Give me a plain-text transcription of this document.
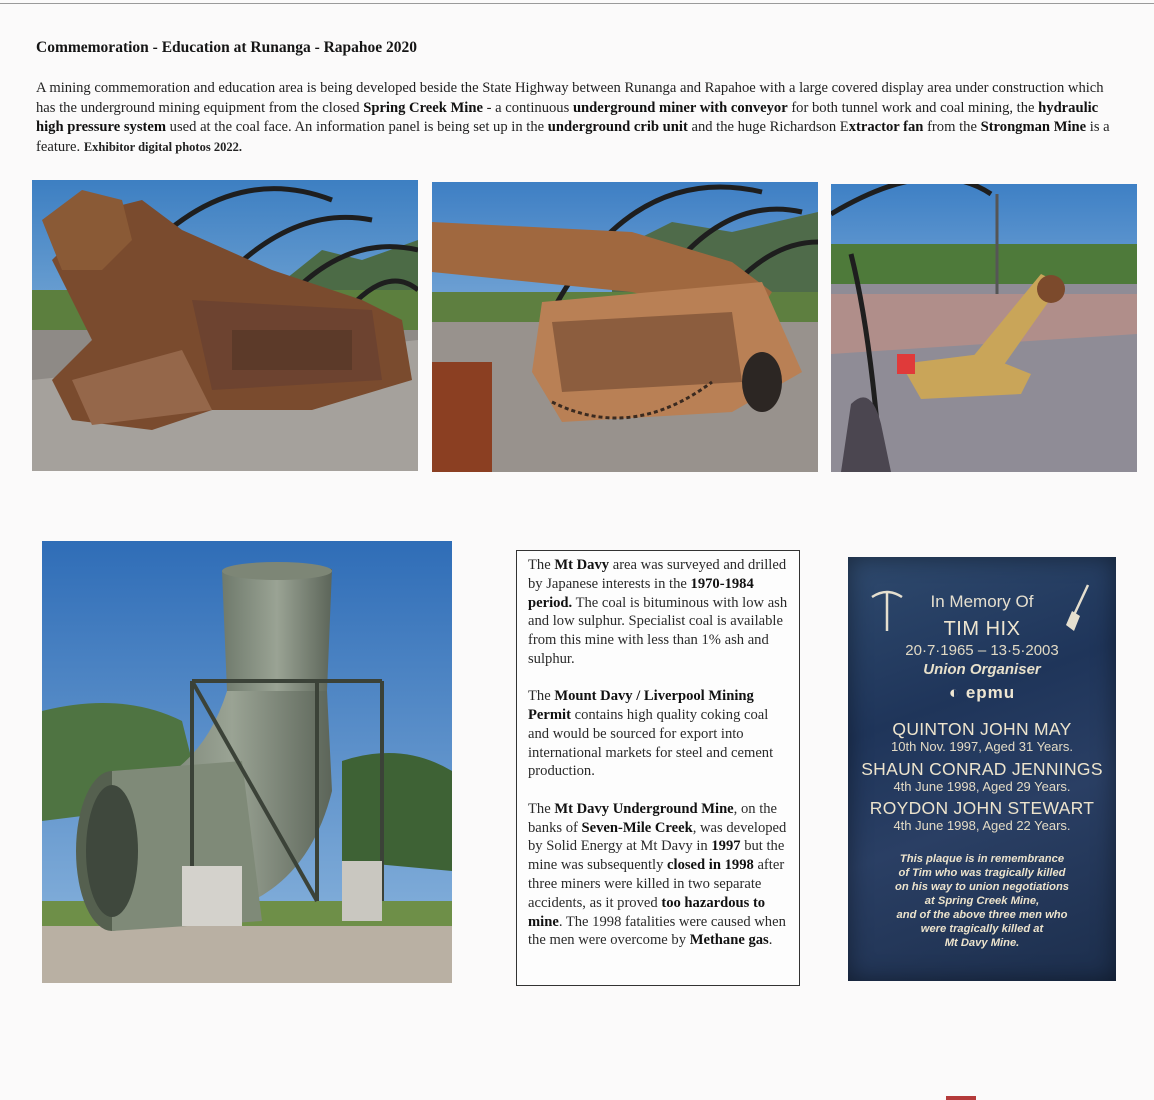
Commemoration - Education at Runanga - Rapahoe 2020

A mining commemoration and education area is being developed beside the State Highway between Runanga and Rapahoe with a large covered display area under construction which has the underground mining equipment from the closed Spring Creek Mine - a continuous underground miner with conveyor for both tunnel work and coal mining, the hydraulic high pressure system used at the coal face. An information panel is being set up in the underground crib unit and the huge Richardson Extractor fan from the Strongman Mine is a feature. Exhibitor digital photos 2022.

The Mt Davy area was surveyed and drilled by Japanese interests in the 1970-1984 period. The coal is bituminous with low ash and low sulphur. Specialist coal is available from this mine with less than 1% ash and sulphur.

The Mount Davy / Liverpool Mining Permit contains high quality coking coal and would be sourced for export into international markets for steel and cement production.

The Mt Davy Underground Mine, on the banks of Seven-Mile Creek, was developed by Solid Energy at Mt Davy in 1997 but the mine was subsequently closed in 1998 after three miners were killed in two separate accidents, as it proved too hazardous to mine. The 1998 fatalities were caused when the men were overcome by Methane gas.

In Memory Of
TIM HIX
20·7·1965 – 13·5·2003
Union Organiser
◐ epmu
QUINTON JOHN MAY
10th Nov. 1997, Aged 31 Years.
SHAUN CONRAD JENNINGS
4th June 1998, Aged 29 Years.
ROYDON JOHN STEWART
4th June 1998, Aged 22 Years.
This plaque is in remembrance
of Tim who was tragically killed
on his way to union negotiations
at Spring Creek Mine,
and of the above three men who
were tragically killed at
Mt Davy Mine.
